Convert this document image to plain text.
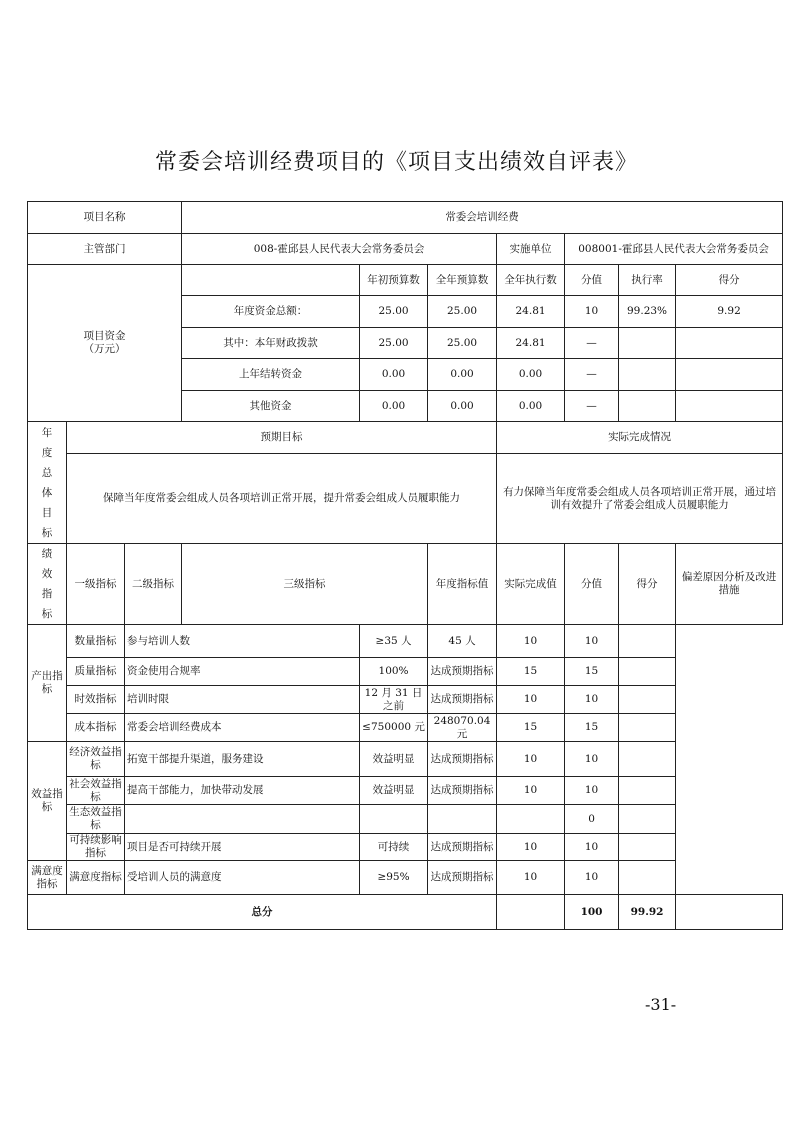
常委会培训经费项目的《项目支出绩效自评表》
项目名称			常委会培训经费						
主管部门			008-霍邱县人民代表大会常务委员会			实施单位	008001-霍邱县人民代表大会常务委员会		
项目资金
（万元）				年初预算数	全年预算数	全年执行数	分值	执行率	得分
			年度资金总额：	25.00	25.00	24.81	10	99.23%	9.92
			其中：本年财政拨款	25.00	25.00	24.81	—		
			上年结转资金	0.00	0.00	0.00	—		
			其他资金	0.00	0.00	0.00	—		
年度总体目标	预期目标					实际完成情况			
	保障当年度常委会组成人员各项培训正常开展，提升常委会组成人员履职能力					有力保障当年度常委会组成人员各项培训正常开展，通过培训有效提升了常委会组成人员履职能力			
绩效指标	一级指标	二级指标	三级指标		年度指标值	实际完成值	分值	得分	偏差原因分析及改进措施
产出指标	数量指标	参与培训人数		≥35 人	45 人	10	10		
	质量指标	资金使用合规率		100%	达成预期指标	15	15		
	时效指标	培训时限		12 月 31 日之前	达成预期指标	10	10		
	成本指标	常委会培训经费成本		≤750000 元	248070.04元	15	15		
效益指标	经济效益指标	拓宽干部提升渠道，服务建设		效益明显	达成预期指标	10	10		
	社会效益指标	提高干部能力，加快带动发展		效益明显	达成预期指标	10	10		
	生态效益指标						0		
	可持续影响指标	项目是否可持续开展		可持续	达成预期指标	10	10		
满意度指标	满意度指标	受培训人员的满意度		≥95%	达成预期指标	10	10		
总分							100	99.92	
-31-
